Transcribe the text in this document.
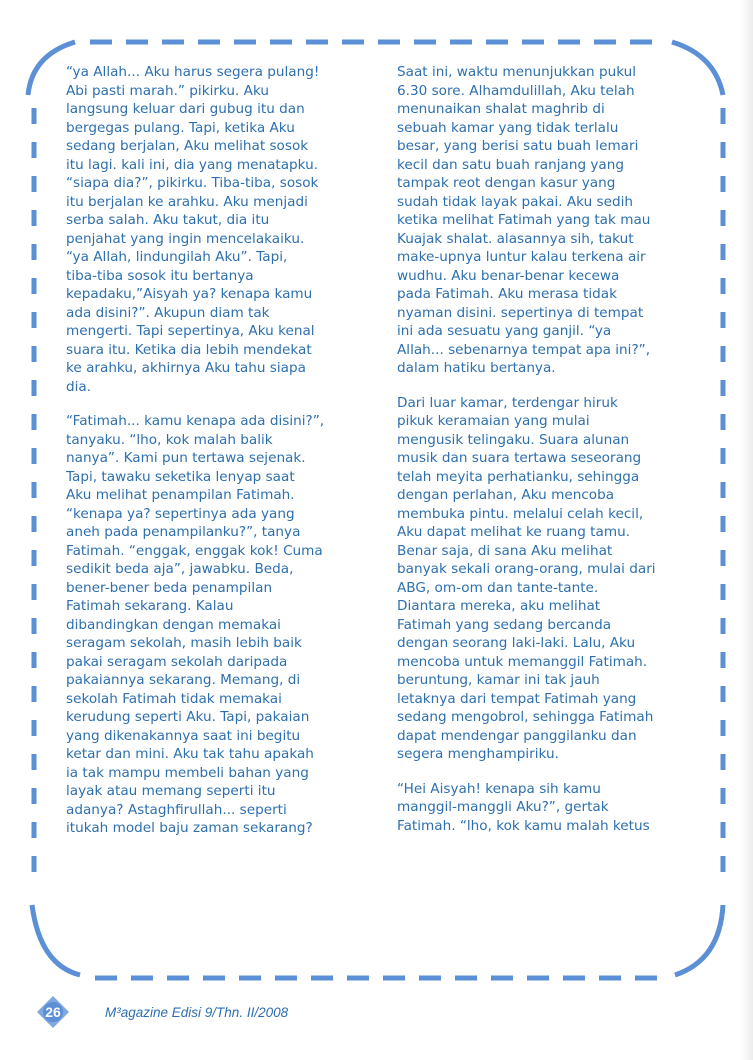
“ya Allah... Aku harus segera pulang!
Abi pasti marah.” pikirku. Aku
langsung keluar dari gubug itu dan
bergegas pulang. Tapi, ketika Aku
sedang berjalan, Aku melihat sosok
itu lagi. kali ini, dia yang menatapku.
“siapa dia?”, pikirku. Tiba-tiba, sosok
itu berjalan ke arahku. Aku menjadi
serba salah. Aku takut, dia itu
penjahat yang ingin mencelakaiku.
“ya Allah, lindungilah Aku”. Tapi,
tiba-tiba sosok itu bertanya
kepadaku,”Aisyah ya? kenapa kamu
ada disini?”. Akupun diam tak
mengerti. Tapi sepertinya, Aku kenal
suara itu. Ketika dia lebih mendekat
ke arahku, akhirnya Aku tahu siapa
dia.

“Fatimah... kamu kenapa ada disini?”,
tanyaku. “lho, kok malah balik
nanya”. Kami pun tertawa sejenak.
Tapi, tawaku seketika lenyap saat
Aku melihat penampilan Fatimah.
“kenapa ya? sepertinya ada yang
aneh pada penampilanku?”, tanya
Fatimah. “enggak, enggak kok! Cuma
sedikit beda aja”, jawabku. Beda,
bener-bener beda penampilan
Fatimah sekarang. Kalau
dibandingkan dengan memakai
seragam sekolah, masih lebih baik
pakai seragam sekolah daripada
pakaiannya sekarang. Memang, di
sekolah Fatimah tidak memakai
kerudung seperti Aku. Tapi, pakaian
yang dikenakannya saat ini begitu
ketar dan mini. Aku tak tahu apakah
ia tak mampu membeli bahan yang
layak atau memang seperti itu
adanya? Astaghfirullah... seperti
itukah model baju zaman sekarang?

Saat ini, waktu menunjukkan pukul
6.30 sore. Alhamdulillah, Aku telah
menunaikan shalat maghrib di
sebuah kamar yang tidak terlalu
besar, yang berisi satu buah lemari
kecil dan satu buah ranjang yang
tampak reot dengan kasur yang
sudah tidak layak pakai. Aku sedih
ketika melihat Fatimah yang tak mau
Kuajak shalat. alasannya sih, takut
make-upnya luntur kalau terkena air
wudhu. Aku benar-benar kecewa
pada Fatimah. Aku merasa tidak
nyaman disini. sepertinya di tempat
ini ada sesuatu yang ganjil. “ya
Allah... sebenarnya tempat apa ini?”,
dalam hatiku bertanya.

Dari luar kamar, terdengar hiruk
pikuk keramaian yang mulai
mengusik telingaku. Suara alunan
musik dan suara tertawa seseorang
telah meyita perhatianku, sehingga
dengan perlahan, Aku mencoba
membuka pintu. melalui celah kecil,
Aku dapat melihat ke ruang tamu.
Benar saja, di sana Aku melihat
banyak sekali orang-orang, mulai dari
ABG, om-om dan tante-tante.
Diantara mereka, aku melihat
Fatimah yang sedang bercanda
dengan seorang laki-laki. Lalu, Aku
mencoba untuk memanggil Fatimah.
beruntung, kamar ini tak jauh
letaknya dari tempat Fatimah yang
sedang mengobrol, sehingga Fatimah
dapat mendengar panggilanku dan
segera menghampiriku.

“Hei Aisyah! kenapa sih kamu
manggil-manggli Aku?”, gertak
Fatimah. “lho, kok kamu malah ketus

26	M³agazine Edisi 9/Thn. II/2008
